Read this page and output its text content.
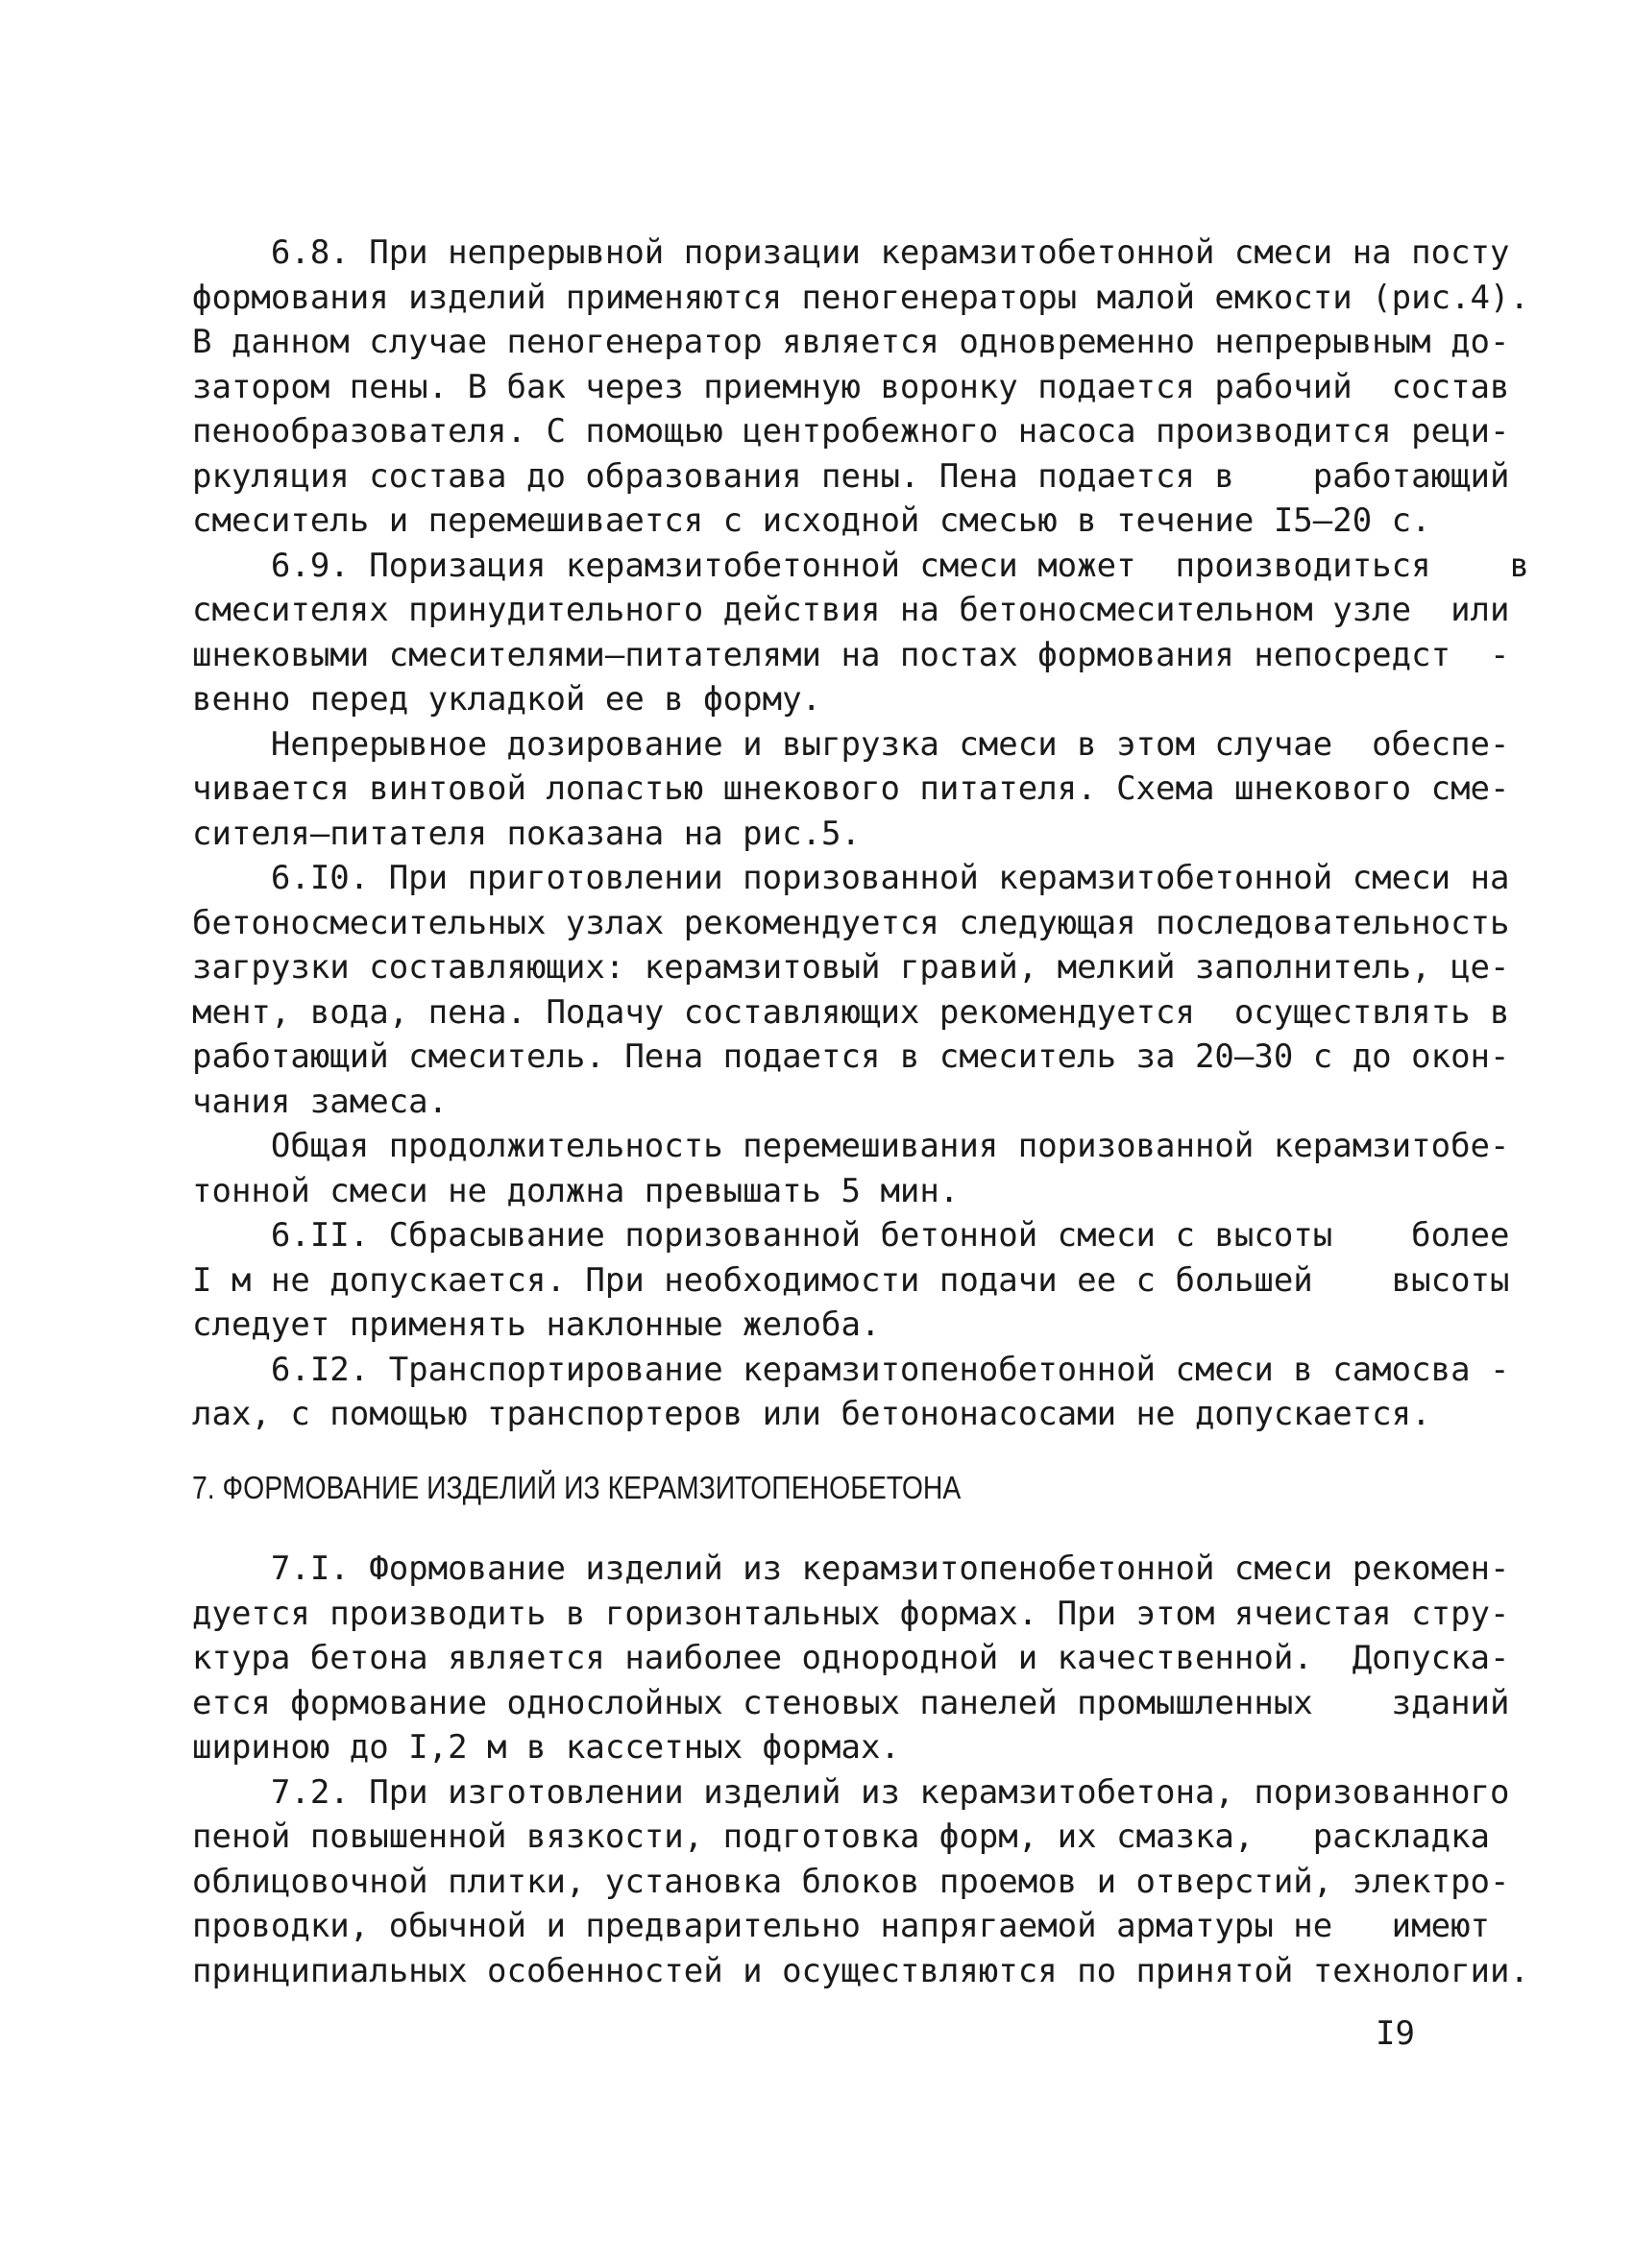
6.8. При непрерывной поризации керамзитобетонной смеси на посту
формования изделий применяются пеногенераторы малой емкости (рис.4).
В данном случае пеногенератор является одновременно непрерывным до-
затором пены. В бак через приемную воронку подается рабочий  состав
пенообразователя. С помощью центробежного насоса производится реци-
ркуляция состава до образования пены. Пена подается в    работающий
смеситель и перемешивается с исходной смесью в течение I5–20 с.
6.9. Поризация керамзитобетонной смеси может  производиться    в
смесителях принудительного действия на бетоносмесительном узле  или
шнековыми смесителями–питателями на постах формования непосредст  -
венно перед укладкой ее в форму.
Непрерывное дозирование и выгрузка смеси в этом случае  обеспе-
чивается винтовой лопастью шнекового питателя. Схема шнекового сме-
сителя–питателя показана на рис.5.
6.I0. При приготовлении поризованной керамзитобетонной смеси на
бетоносмесительных узлах рекомендуется следующая последовательность
загрузки составляющих: керамзитовый гравий, мелкий заполнитель, це-
мент, вода, пена. Подачу составляющих рекомендуется  осуществлять в
работающий смеситель. Пена подается в смеситель за 20–30 с до окон-
чания замеса.
Общая продолжительность перемешивания поризованной керамзитобе-
тонной смеси не должна превышать 5 мин.
6.II. Сбрасывание поризованной бетонной смеси с высоты    более
I м не допускается. При необходимости подачи ее с большей    высоты
следует применять наклонные желоба.
6.I2. Транспортирование керамзитопенобетонной смеси в самосва -
лах, с помощью транспортеров или бетононасосами не допускается.
7. ФОРМОВАНИЕ ИЗДЕЛИЙ ИЗ КЕРАМЗИТОПЕНОБЕТОНА
7.I. Формование изделий из керамзитопенобетонной смеси рекомен-
дуется производить в горизонтальных формах. При этом ячеистая стру-
ктура бетона является наиболее однородной и качественной.  Допуска-
ется формование однослойных стеновых панелей промышленных    зданий
шириною до I,2 м в кассетных формах.
7.2. При изготовлении изделий из керамзитобетона, поризованного
пеной повышенной вязкости, подготовка форм, их смазка,   раскладка
облицовочной плитки, установка блоков проемов и отверстий, электро-
проводки, обычной и предварительно напрягаемой арматуры не   имеют
принципиальных особенностей и осуществляются по принятой технологии.
I9
